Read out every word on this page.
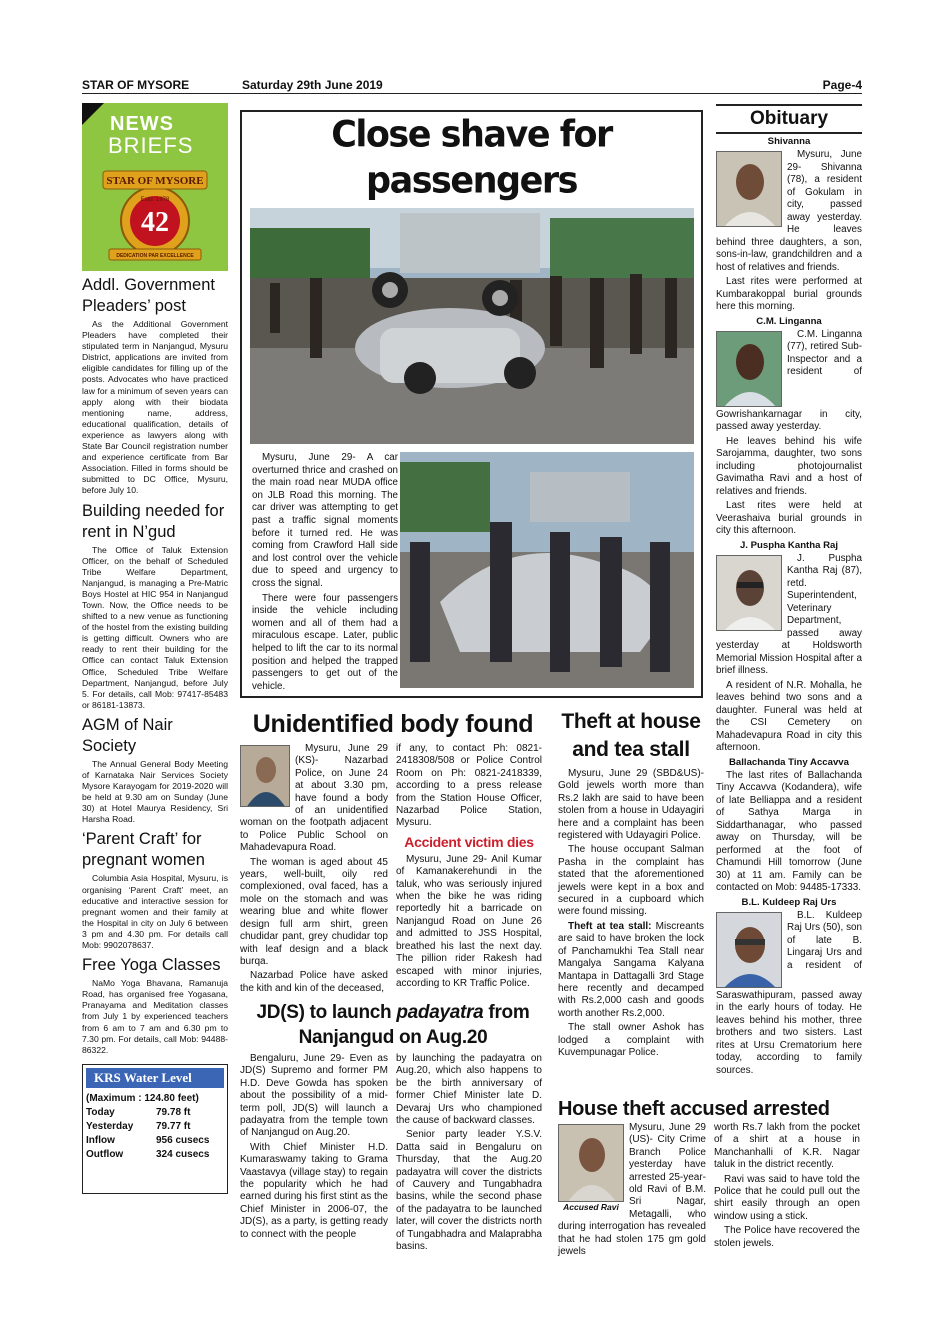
STAR OF MYSORE	Saturday 29th June 2019	Page-4
NEWS
BRIEFS
STAR OF MYSORE
Estd. 1978
42
DEDICATION PAR EXCELLENCE
Addl. Government Pleaders’ post

As the Additional Government Pleaders have completed their stipulated term in Nanjangud, Mysuru District, applications are invited from eligible candidates for filling up of the posts. Advocates who have practiced law for a minimum of seven years can apply along with their biodata mentioning name, address, educational qualification, details of experience as lawyers along with State Bar Council registration number and experience certificate from Bar Association. Filled in forms should be submitted to DC Office, Mysuru, before July 10.

Building needed for rent in N’gud

The Office of Taluk Extension Officer, on the behalf of Scheduled Tribe Welfare Department, Nanjangud, is managing a Pre-Matric Boys Hostel at HIC 954 in Nanjangud Town. Now, the Office needs to be shifted to a new venue as functioning of the hostel from the existing building is getting difficult. Owners who are ready to rent their building for the Office can contact Taluk Extension Office, Scheduled Tribe Welfare Department, Nanjangud, before July 5. For details, call Mob: 97417-85483 or 86181-13873.

AGM of Nair Society

The Annual General Body Meeting of Karnataka Nair Services Society Mysore Karayogam for 2019-2020 will be held at 9.30 am on Sunday (June 30) at Hotel Maurya Residency, Sri Harsha Road.

‘Parent Craft’ for pregnant women

Columbia Asia Hospital, Mysuru, is organising ‘Parent Craft’ meet, an educative and interactive session for pregnant women and their family at the Hospital in city on July 6 between 3 pm and 4.30 pm. For details call Mob: 9902078637.

Free Yoga Classes

NaMo Yoga Bhavana, Ramanuja Road, has organised free Yogasana, Pranayama and Meditation classes from July 1 by experienced teachers from 6 am to 7 am and 6.30 pm to 7.30 pm. For details, call Mob: 94488-86322.

KRS Water Level
(Maximum : 124.80 feet)
Today	79.78 ft
Yesterday	79.77 ft
Inflow	956 cusecs
Outflow	324 cusecs
Close shave for passengers

Mysuru, June 29- A car overturned thrice and crashed on the main road near MUDA office on JLB Road this morning. The car driver was attempting to get past a traffic signal moments before it turned red. He was coming from Crawford Hall side and lost control over the vehicle due to speed and urgency to cross the signal.

There were four passengers inside the vehicle including women and all of them had a miraculous escape. Later, public helped to lift the car to its normal position and helped the trapped passengers to get out of the vehicle.

Unidentified body found

Mysuru, June 29 (KS)- Nazarbad Police, on June 24 at about 3.30 pm, have found a body of an unidentified woman on the footpath adjacent to Police Public School on Mahadevapura Road.

The woman is aged about 45 years, well-built, oily red complexioned, oval faced, has a mole on the stomach and was wearing blue and white flower design full arm shirt, green chudidar pant, grey chudidar top with leaf design and a black burqa.

Nazarbad Police have asked the kith and kin of the deceased,

if any, to contact Ph: 0821-2418308/508 or Police Control Room on Ph: 0821-2418339, according to a press release from the Station House Officer, Nazarbad Police Station, Mysuru.

Accident victim dies

Mysuru, June 29- Anil Kumar of Kamanakerehundi in the taluk, who was seriously injured when the bike he was riding reportedly hit a barricade on Nanjangud Road on June 26 and admitted to JSS Hospital, breathed his last the next day. The pillion rider Rakesh had escaped with minor injuries, according to KR Traffic Police.

Theft at house
and tea stall

Mysuru, June 29 (SBD&US)- Gold jewels worth more than Rs.2 lakh are said to have been stolen from a house in Udayagiri here and a complaint has been registered with Udayagiri Police.

The house occupant Salman Pasha in the complaint has stated that the aforementioned jewels were kept in a box and secured in a cupboard which were found missing.

Theft at tea stall: Miscreants are said to have broken the lock of Panchamukhi Tea Stall near Mangalya Sangama Kalyana Mantapa in Dattagalli 3rd Stage here recently and decamped with Rs.2,000 cash and goods worth another Rs.2,000.

The stall owner Ashok has lodged a complaint with Kuvempunagar Police.

JD(S) to launch padayatra from
Nanjangud on Aug.20

Bengaluru, June 29- Even as JD(S) Supremo and former PM H.D. Deve Gowda has spoken about the possibility of a mid-term poll, JD(S) will launch a padayatra from the temple town of Nanjangud on Aug.20.

With Chief Minister H.D. Kumaraswamy taking to Grama Vaastavya (village stay) to regain the popularity which he had earned during his first stint as the Chief Minister in 2006-07, the JD(S), as a party, is getting ready to connect with the people

by launching the padayatra on Aug.20, which also happens to be the birth anniversary of former Chief Minister late D. Devaraj Urs who championed the cause of backward classes.

Senior party leader Y.S.V. Datta said in Bengaluru on Thursday, that the Aug.20 padayatra will cover the districts of Cauvery and Tungabhadra basins, while the second phase of the padayatra to be launched later, will cover the districts north of Tungabhadra and Malaprabha basins.

House theft accused arrested
Accused Ravi

Mysuru, June 29 (US)- City Crime Branch Police yesterday have arrested 25-year-old Ravi of B.M. Sri Nagar, Metagalli, who during interrogation has revealed that he had stolen 175 gm gold jewels

worth Rs.7 lakh from the pocket of a shirt at a house in Manchanhalli of K.R. Nagar taluk in the district recently.

Ravi was said to have told the Police that he could pull out the shirt easily through an open window using a stick.

The Police have recovered the stolen jewels.

Obituary
Shivanna

Mysuru, June 29- Shivanna (78), a resident of Gokulam in city, passed away yesterday. He leaves behind three daughters, a son, sons-in-law, grandchildren and a host of relatives and friends.

Last rites were performed at Kumbarakoppal burial grounds here this morning.

C.M. Linganna

C.M. Linganna (77), retired Sub-Inspector and a resident of Gowrishankarnagar in city, passed away yesterday.

He leaves behind his wife Sarojamma, daughter, two sons including photojournalist Gavimatha Ravi and a host of relatives and friends.

Last rites were held at Veerashaiva burial grounds in city this afternoon.

J. Puspha Kantha Raj

J. Puspha Kantha Raj (87), retd. Superintendent, Veterinary Department, passed away yesterday at Holdsworth Memorial Mission Hospital after a brief illness.

A resident of N.R. Mohalla, he leaves behind two sons and a daughter. Funeral was held at the CSI Cemetery on Mahadevapura Road in city this afternoon.

Ballachanda Tiny Accavva

The last rites of Ballachanda Tiny Accavva (Kodandera), wife of late Belliappa and a resident of Sathya Marga in Siddarthanagar, who passed away on Thursday, will be performed at the foot of Chamundi Hill tomorrow (June 30) at 11 am. Family can be contacted on Mob: 94485-17333.

B.L. Kuldeep Raj Urs

B.L. Kuldeep Raj Urs (50), son of late B. Lingaraj Urs and a resident of Saraswathipuram, passed away in the early hours of today. He leaves behind his mother, three brothers and two sisters. Last rites at Ursu Crematorium here today, according to family sources.
